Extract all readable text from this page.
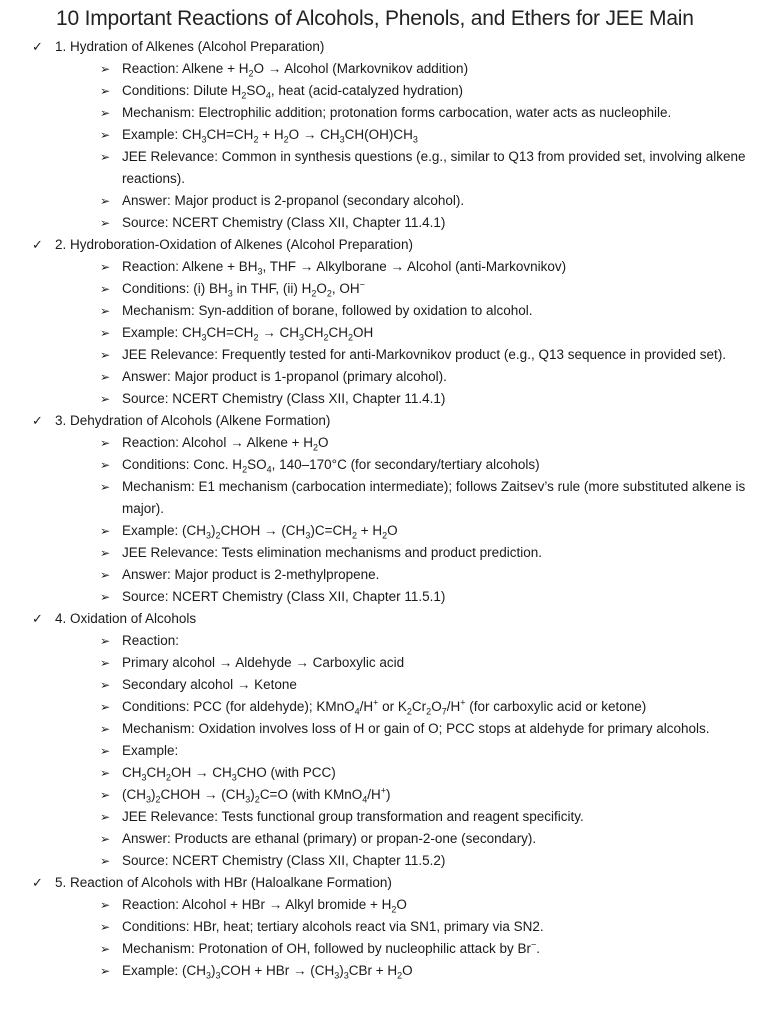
10 Important Reactions of Alcohols, Phenols, and Ethers for JEE Main
✓ 1. Hydration of Alkenes (Alcohol Preparation)
➢ Reaction: Alkene + $H_2O$ → Alcohol (Markovnikov addition)
➢ Conditions: Dilute $H_2SO_4$, heat (acid-catalyzed hydration)
➢ Mechanism: Electrophilic addition; protonation forms carbocation, water acts as nucleophile.
➢ Example: $CH_3CH=CH_2 + H_2O \to CH_3CH(OH)CH_3$
➢ JEE Relevance: Common in synthesis questions (e.g., similar to Q13 from provided set, involving alkene reactions).
➢ Answer: Major product is 2-propanol (secondary alcohol).
➢ Source: NCERT Chemistry (Class XII, Chapter 11.4.1)
✓ 2. Hydroboration-Oxidation of Alkenes (Alcohol Preparation)
➢ Reaction: Alkene + $BH_3$, THF → Alkylborane → Alcohol (anti-Markovnikov)
➢ Conditions: (i) $BH_3$ in THF, (ii) $H_2O_2$, OH−
➢ Mechanism: Syn-addition of borane, followed by oxidation to alcohol.
➢ Example: $CH_3CH=CH_2 \to CH_3CH_2CH_2OH$
➢ JEE Relevance: Frequently tested for anti-Markovnikov product (e.g., Q13 sequence in provided set).
➢ Answer: Major product is 1-propanol (primary alcohol).
➢ Source: NCERT Chemistry (Class XII, Chapter 11.4.1)
✓ 3. Dehydration of Alcohols (Alkene Formation)
➢ Reaction: Alcohol → Alkene + $H_2O$
➢ Conditions: Conc. $H_2SO_4$, 140–170°C (for secondary/tertiary alcohols)
➢ Mechanism: E1 mechanism (carbocation intermediate); follows Zaitsev’s rule (more substituted alkene is major).
➢ Example: $(CH_3)_2CHOH \to (CH_3)C=CH_2 + H_2O$
➢ JEE Relevance: Tests elimination mechanisms and product prediction.
➢ Answer: Major product is 2-methylpropene.
➢ Source: NCERT Chemistry (Class XII, Chapter 11.5.1)
✓ 4. Oxidation of Alcohols
➢ Reaction:
➢ Primary alcohol → Aldehyde → Carboxylic acid
➢ Secondary alcohol → Ketone
➢ Conditions: PCC (for aldehyde); KMnO$_4$/H+ or $K_2Cr_2O_7/H^+$ (for carboxylic acid or ketone)
➢ Mechanism: Oxidation involves loss of H or gain of O; PCC stops at aldehyde for primary alcohols.
➢ Example:
➢ $CH_3CH_2OH \to CH_3CHO$ (with PCC)
➢ $(CH_3)_2CHOH \to (CH_3)_2C=O$ (with KMnO$_4$/H+)
➢ JEE Relevance: Tests functional group transformation and reagent specificity.
➢ Answer: Products are ethanal (primary) or propan-2-one (secondary).
➢ Source: NCERT Chemistry (Class XII, Chapter 11.5.2)
✓ 5. Reaction of Alcohols with HBr (Haloalkane Formation)
➢ Reaction: Alcohol + HBr → Alkyl bromide + $H_2O$
➢ Conditions: HBr, heat; tertiary alcohols react via SN1, primary via SN2.
➢ Mechanism: Protonation of OH, followed by nucleophilic attack by Br−.
➢ Example: $(CH_3)_3COH$ + HBr → $(CH_3)_3CBr + H_2O$
